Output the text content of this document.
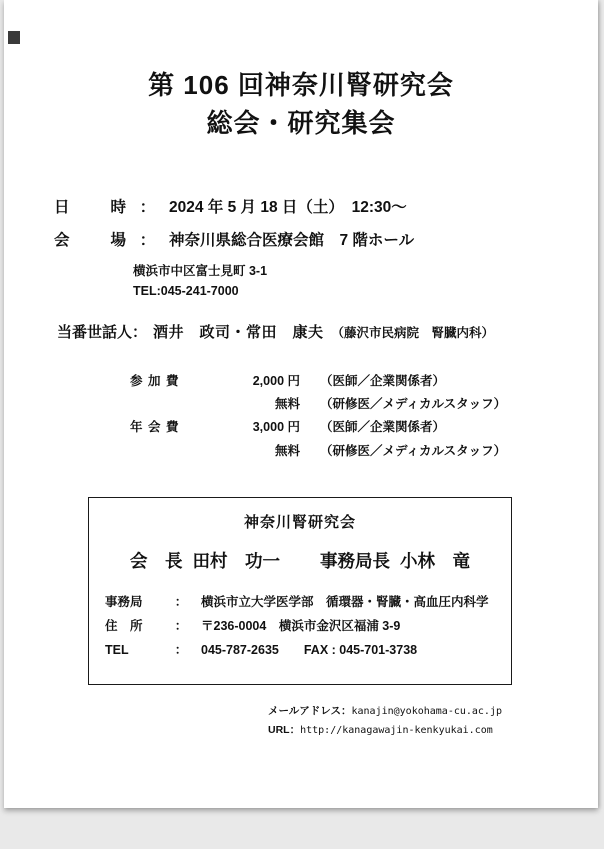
第 106 回神奈川腎研究会
総会・研究集会
日	時 ： 2024 年 5 月 18 日（土）　12:30～
会	場 ： 神奈川県総合医療会館　7 階ホール
横浜市中区富士見町 3-1
TEL:045-241-7000
当番世話人： 酒井　政司・常田　康夫 （藤沢市民病院　腎臓内科）
参 加 費	2,000 円 （医師／企業関係者）
無料 （研修医／メディカルスタッフ）
年 会 費	3,000 円 （医師／企業関係者）
無料 （研修医／メディカルスタッフ）
神奈川腎研究会
会　長 田村　功一 事務局長 小林　竜
事務局	：	横浜市立大学医学部　循環器・腎臓・高血圧内科学
住　所	：	〒236-0004　横浜市金沢区福浦 3-9
TEL	：	045-787-2635　　FAX : 045-701-3738
メールアドレス： kanajin@yokohama-cu.ac.jp
URL： http://kanagawajin-kenkyukai.com
